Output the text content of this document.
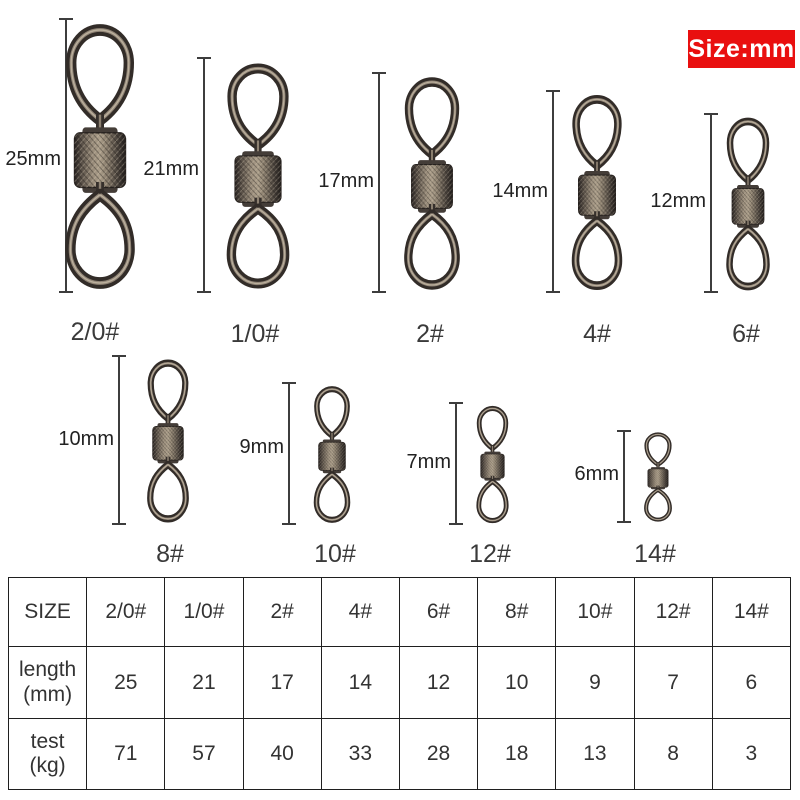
Size:mm
25mm
2/0#
21mm
1/0#
17mm
2#
14mm
4#
12mm
6#
10mm
8#
9mm
10#
7mm
12#
6mm
14#
SIZE	2/0#	1/0#	2#	4#	6#	8#	10#	12#	14#

length
(mm)	25	21	17	14	12	10	9	7	6

test
(kg)	71	57	40	33	28	18	13	8	3
